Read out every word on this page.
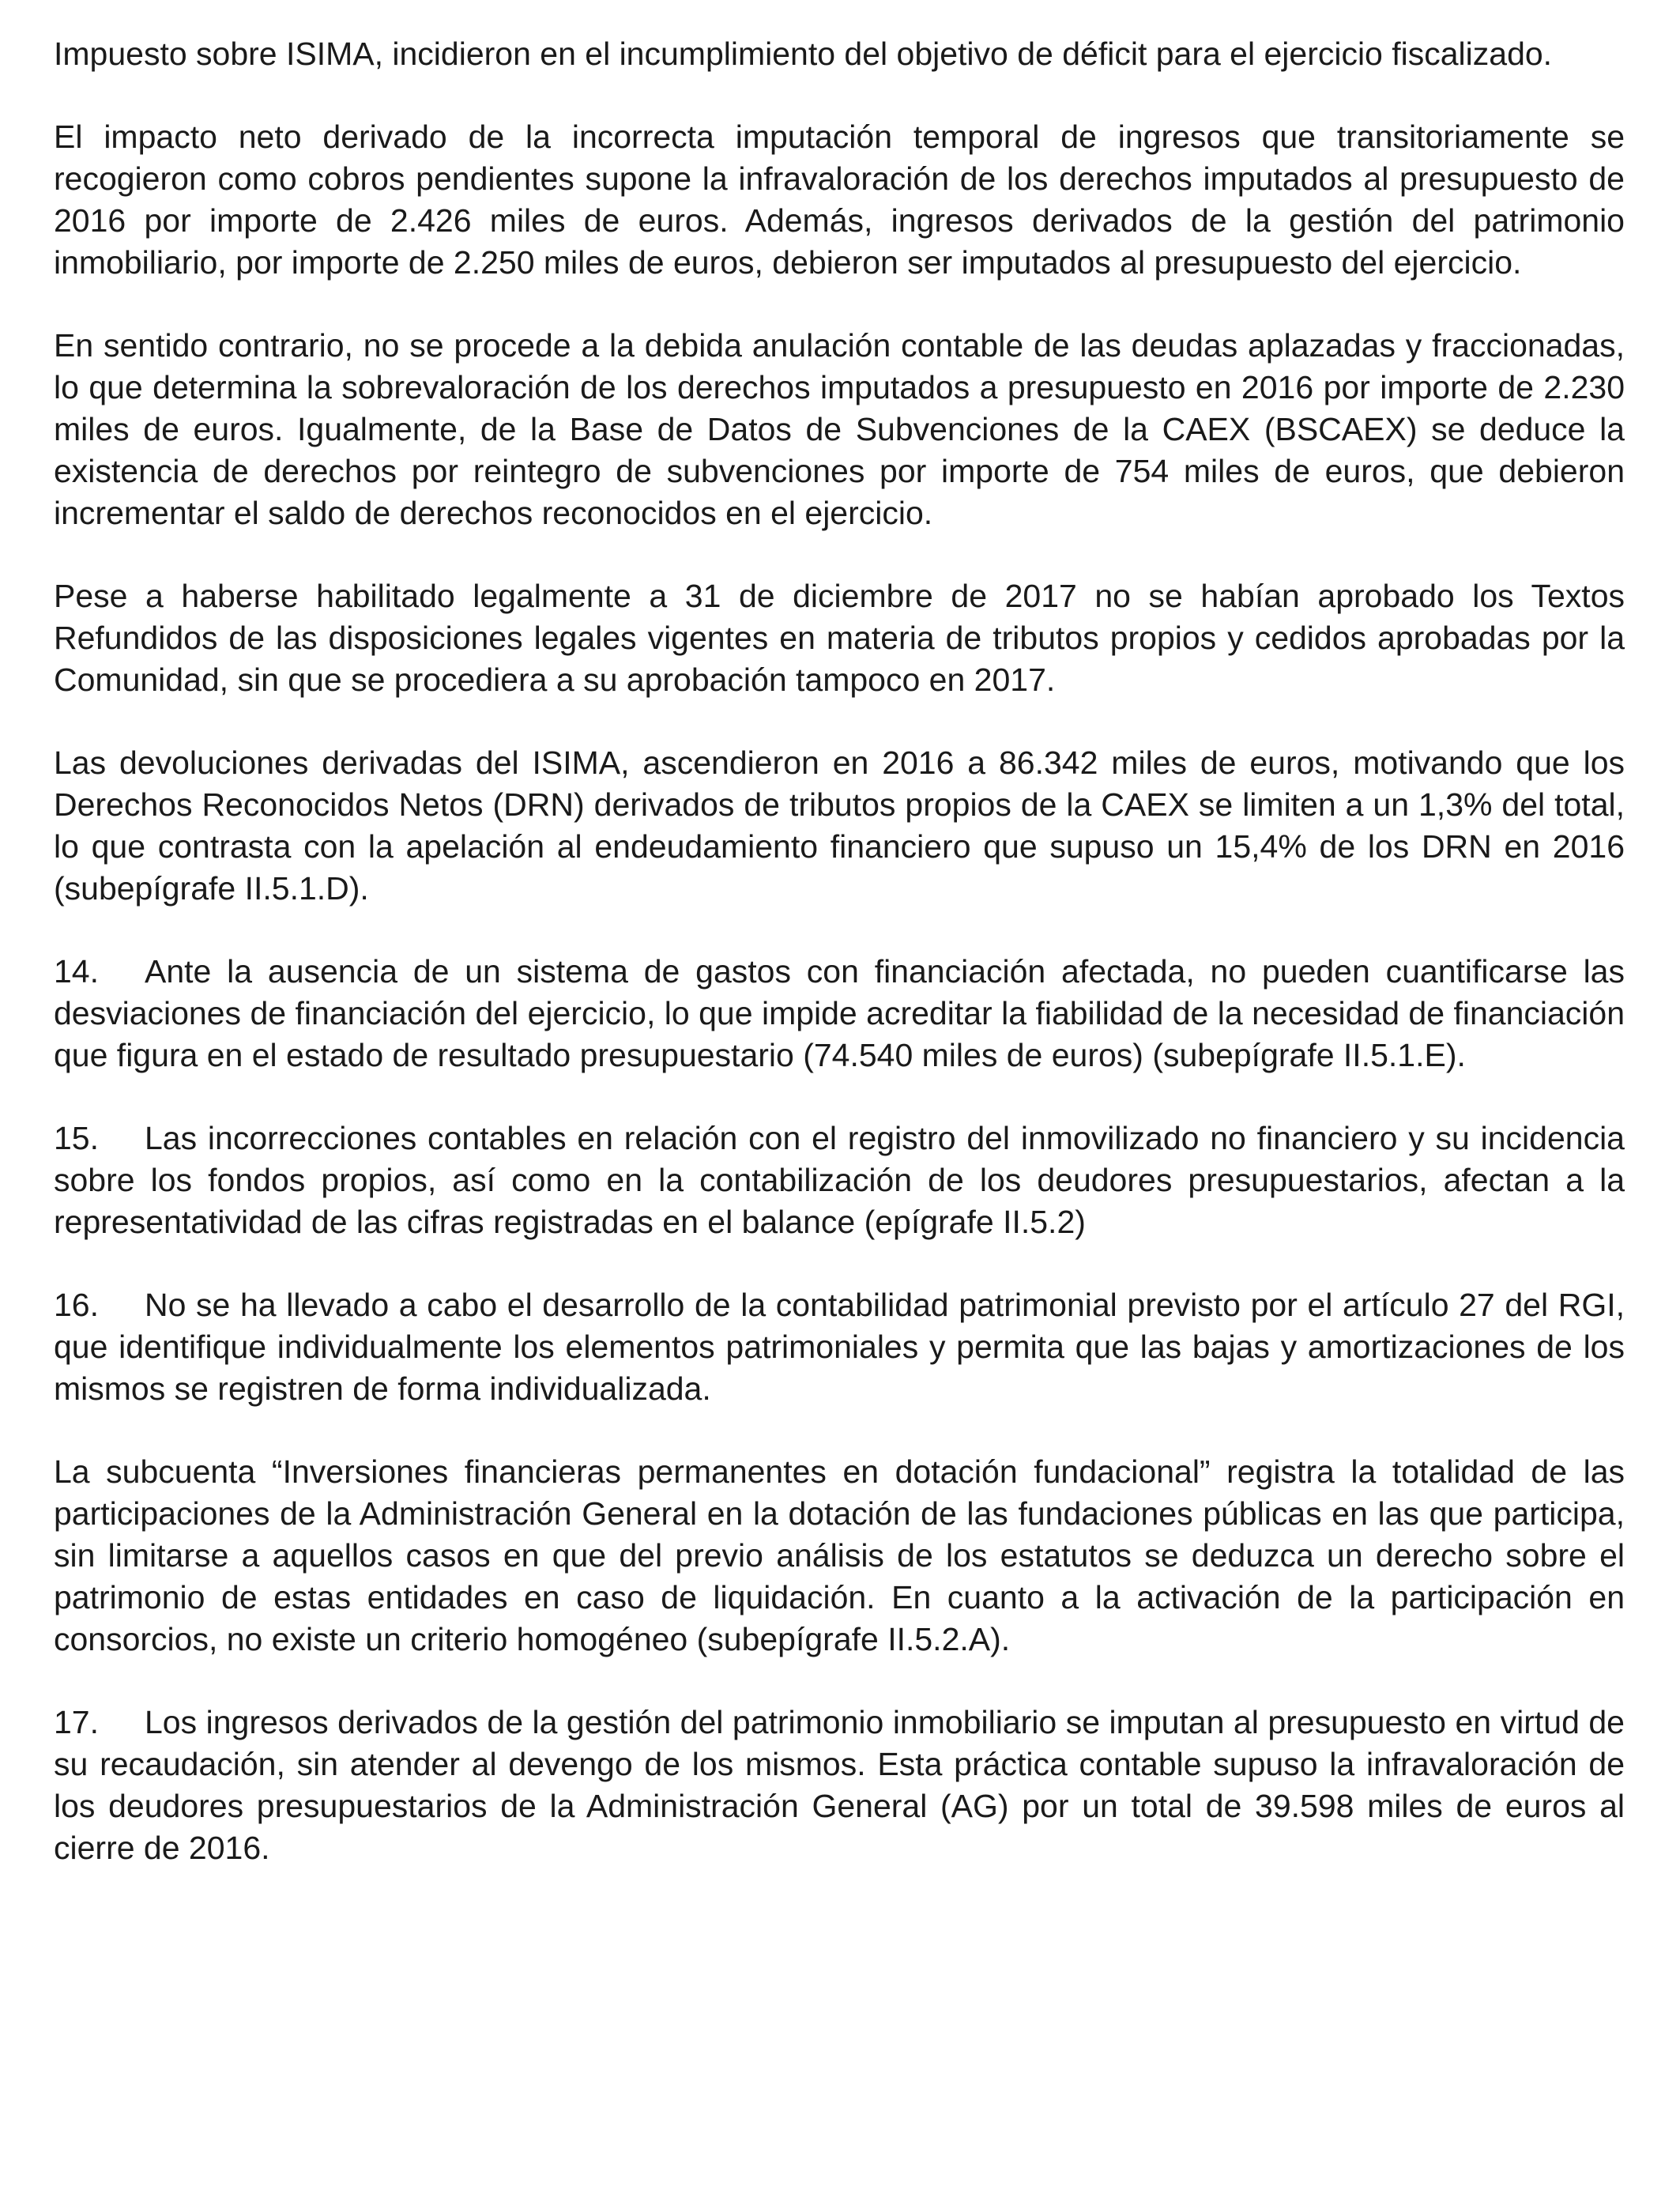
Impuesto sobre ISIMA, incidieron en el incumplimiento del objetivo de déficit para el ejercicio fiscalizado.

El impacto neto derivado de la incorrecta imputación temporal de ingresos que transitoriamente se recogieron como cobros pendientes supone la infravaloración de los derechos imputados al presupuesto de 2016 por importe de 2.426 miles de euros. Además, ingresos derivados de la gestión del patrimonio inmobiliario, por importe de 2.250 miles de euros, debieron ser imputados al presupuesto del ejercicio.

En sentido contrario, no se procede a la debida anulación contable de las deudas aplazadas y fraccionadas, lo que determina la sobrevaloración de los derechos imputados a presupuesto en 2016 por importe de 2.230 miles de euros. Igualmente, de la Base de Datos de Subvenciones de la CAEX (BSCAEX) se deduce la existencia de derechos por reintegro de subvenciones por importe de 754 miles de euros, que debieron incrementar el saldo de derechos reconocidos en el ejercicio.

Pese a haberse habilitado legalmente a 31 de diciembre de 2017 no se habían aprobado los Textos Refundidos de las disposiciones legales vigentes en materia de tributos propios y cedidos aprobadas por la Comunidad, sin que se procediera a su aprobación tampoco en 2017.

Las devoluciones derivadas del ISIMA, ascendieron en 2016 a 86.342 miles de euros, motivando que los Derechos Reconocidos Netos (DRN) derivados de tributos propios de la CAEX se limiten a un 1,3% del total, lo que contrasta con la apelación al endeudamiento financiero que supuso un 15,4% de los DRN en 2016 (subepígrafe II.5.1.D).

14. Ante la ausencia de un sistema de gastos con financiación afectada, no pueden cuantificarse las desviaciones de financiación del ejercicio, lo que impide acreditar la fiabilidad de la necesidad de financiación que figura en el estado de resultado presupuestario (74.540 miles de euros) (subepígrafe II.5.1.E).

15. Las incorrecciones contables en relación con el registro del inmovilizado no financiero y su incidencia sobre los fondos propios, así como en la contabilización de los deudores presupuestarios, afectan a la representatividad de las cifras registradas en el balance (epígrafe II.5.2)

16. No se ha llevado a cabo el desarrollo de la contabilidad patrimonial previsto por el artículo 27 del RGI, que identifique individualmente los elementos patrimoniales y permita que las bajas y amortizaciones de los mismos se registren de forma individualizada.

La subcuenta “Inversiones financieras permanentes en dotación fundacional” registra la totalidad de las participaciones de la Administración General en la dotación de las fundaciones públicas en las que participa, sin limitarse a aquellos casos en que del previo análisis de los estatutos se deduzca un derecho sobre el patrimonio de estas entidades en caso de liquidación. En cuanto a la activación de la participación en consorcios, no existe un criterio homogéneo (subepígrafe II.5.2.A).

17. Los ingresos derivados de la gestión del patrimonio inmobiliario se imputan al presupuesto en virtud de su recaudación, sin atender al devengo de los mismos. Esta práctica contable supuso la infravaloración de los deudores presupuestarios de la Administración General (AG) por un total de 39.598 miles de euros al cierre de 2016.
